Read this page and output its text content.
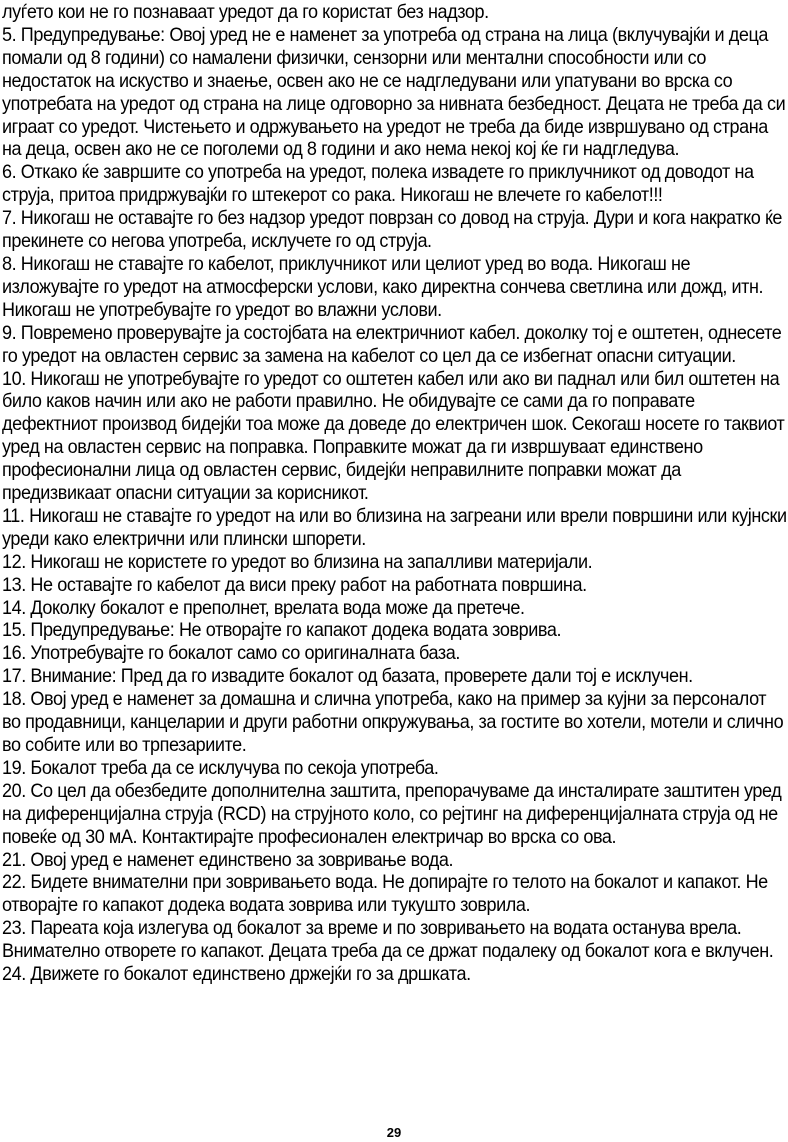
луѓето кои не го познаваат уредот да го користат без надзор.

5. Предупредување: Овој уред не е наменет за употреба од страна на лица (вклучувајќи и деца помали од 8 години) со намалени физички, сензорни или ментални способности или со недостаток на искуство и знаење, освен ако не се надгледувани или упатувани во врска со употребата на уредот од страна на лице одговорно за нивната безбедност. Децата не треба да си играат со уредот. Чистењето и одржувањето на уредот не треба да биде извршувано од страна на деца, освен ако не се поголеми од 8 години и ако нема некој кој ќе ги надгледува.

6. Откако ќе завршите со употреба на уредот, полека извадете го приклучникот од доводот на струја, притоа придржувајќи го штекерот со рака. Никогаш не влечете го кабелот!!!

7. Никогаш не оставајте го без надзор уредот поврзан со довод на струја. Дури и кога накратко ќе прекинете со негова употреба, исклучете го од струја.

8. Никогаш не ставајте го кабелот, приклучникот или целиот уред во вода. Никогаш не изложувајте го уредот на атмосферски услови, како директна сончева светлина или дожд, итн. Никогаш не употребувајте го уредот во влажни услови.

9. Повремено проверувајте ја состојбата на електричниот кабел. доколку тој е оштетен, однесете го уредот на овластен сервис за замена на кабелот со цел да се избегнат опасни ситуации.

10. Никогаш не употребувајте го уредот со оштетен кабел или ако ви паднал или бил оштетен на било каков начин или ако не работи правилно. Не обидувајте се сами да го поправате дефектниот производ бидејќи тоа може да доведе до електричен шок. Секогаш носете го таквиот уред на овластен сервис на поправка. Поправките можат да ги извршуваат единствено професионални лица од овластен сервис, бидејќи неправилните поправки можат да предизвикаат опасни ситуации за корисникот.

11. Никогаш не ставајте го уредот на или во близина на загреани или врели површини или кујнски уреди како електрични или плински шпорети.

12. Никогаш не користете го уредот во близина на запалливи материјали.

13. Не оставајте го кабелот да виси преку работ на работната површина.

14. Доколку бокалот е преполнет, врелата вода може да претече.

15. Предупредување: Не отворајте го капакот додека водата зоврива.

16. Употребувајте го бокалот само со оригиналната база.

17. Внимание: Пред да го извадите бокалот од базата, проверете дали тој е исклучен.

18. Овој уред е наменет за домашна и слична употреба, како на пример за кујни за персоналот во продавници, канцеларии и други работни опкружувања, за гостите во хотели, мотели и слично во собите или во трпезариите.

19. Бокалот треба да се исклучува по секоја употреба.

20. Со цел да обезбедите дополнителна заштита, препорачуваме да инсталирате заштитен уред на диференцијална струја (RCD) на струјното коло, со рејтинг на диференцијалната струја од не повеќе од 30 мА. Контактирајте професионален електричар во врска со ова.

21. Овој уред е наменет единствено за зовривање вода.

22. Бидете внимателни при зовривањето вода. Не допирајте го телото на бокалот и капакот. Не отворајте го капакот додека водата зоврива или тукушто зоврила.

23. Пареата која излегува од бокалот за време и по зовривањето на водата останува врела. Внимателно отворете го капакот. Децата треба да се држат подалеку од бокалот кога е вклучен.

24. Движете го бокалот единствено држејќи го за дршката.

29
